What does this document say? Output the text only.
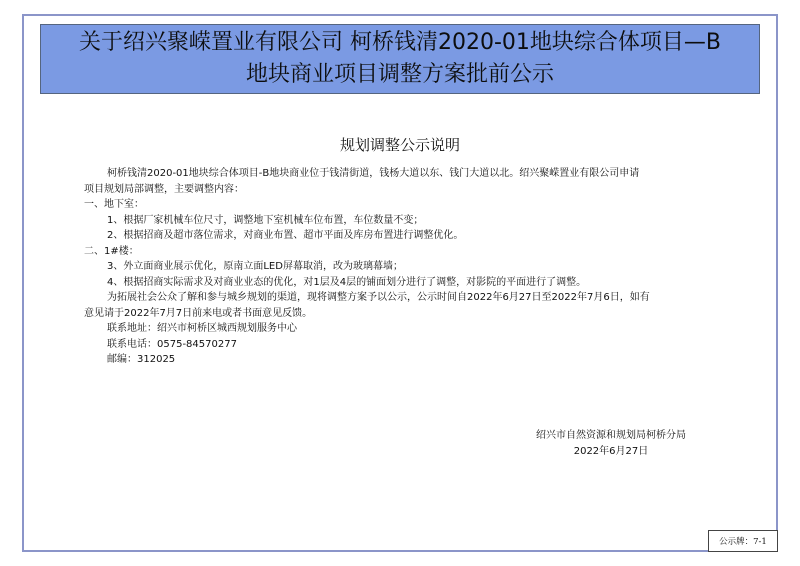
关于绍兴聚嵘置业有限公司 柯桥钱清2020-01地块综合体项目—B
地块商业项目调整方案批前公示
规划调整公示说明

柯桥钱清2020-01地块综合体项目-B地块商业位于钱清街道，钱杨大道以东、钱门大道以北。绍兴聚嵘置业有限公司申请

项目规划局部调整，主要调整内容：

一、地下室：

1、根据厂家机械车位尺寸，调整地下室机械车位布置，车位数量不变；

2、根据招商及超市落位需求，对商业布置、超市平面及库房布置进行调整优化。

二、1#楼：

3、外立面商业展示优化，原南立面LED屏幕取消，改为玻璃幕墙；

4、根据招商实际需求及对商业业态的优化，对1层及4层的铺面划分进行了调整，对影院的平面进行了调整。

为拓展社会公众了解和参与城乡规划的渠道，现将调整方案予以公示，公示时间自2022年6月27日至2022年7月6日，如有

意见请于2022年7月7日前来电或者书面意见反馈。

联系地址：绍兴市柯桥区城西规划服务中心

联系电话：0575-84570277

邮编：312025

绍兴市自然资源和规划局柯桥分局
2022年6月27日
公示牌：7-1
